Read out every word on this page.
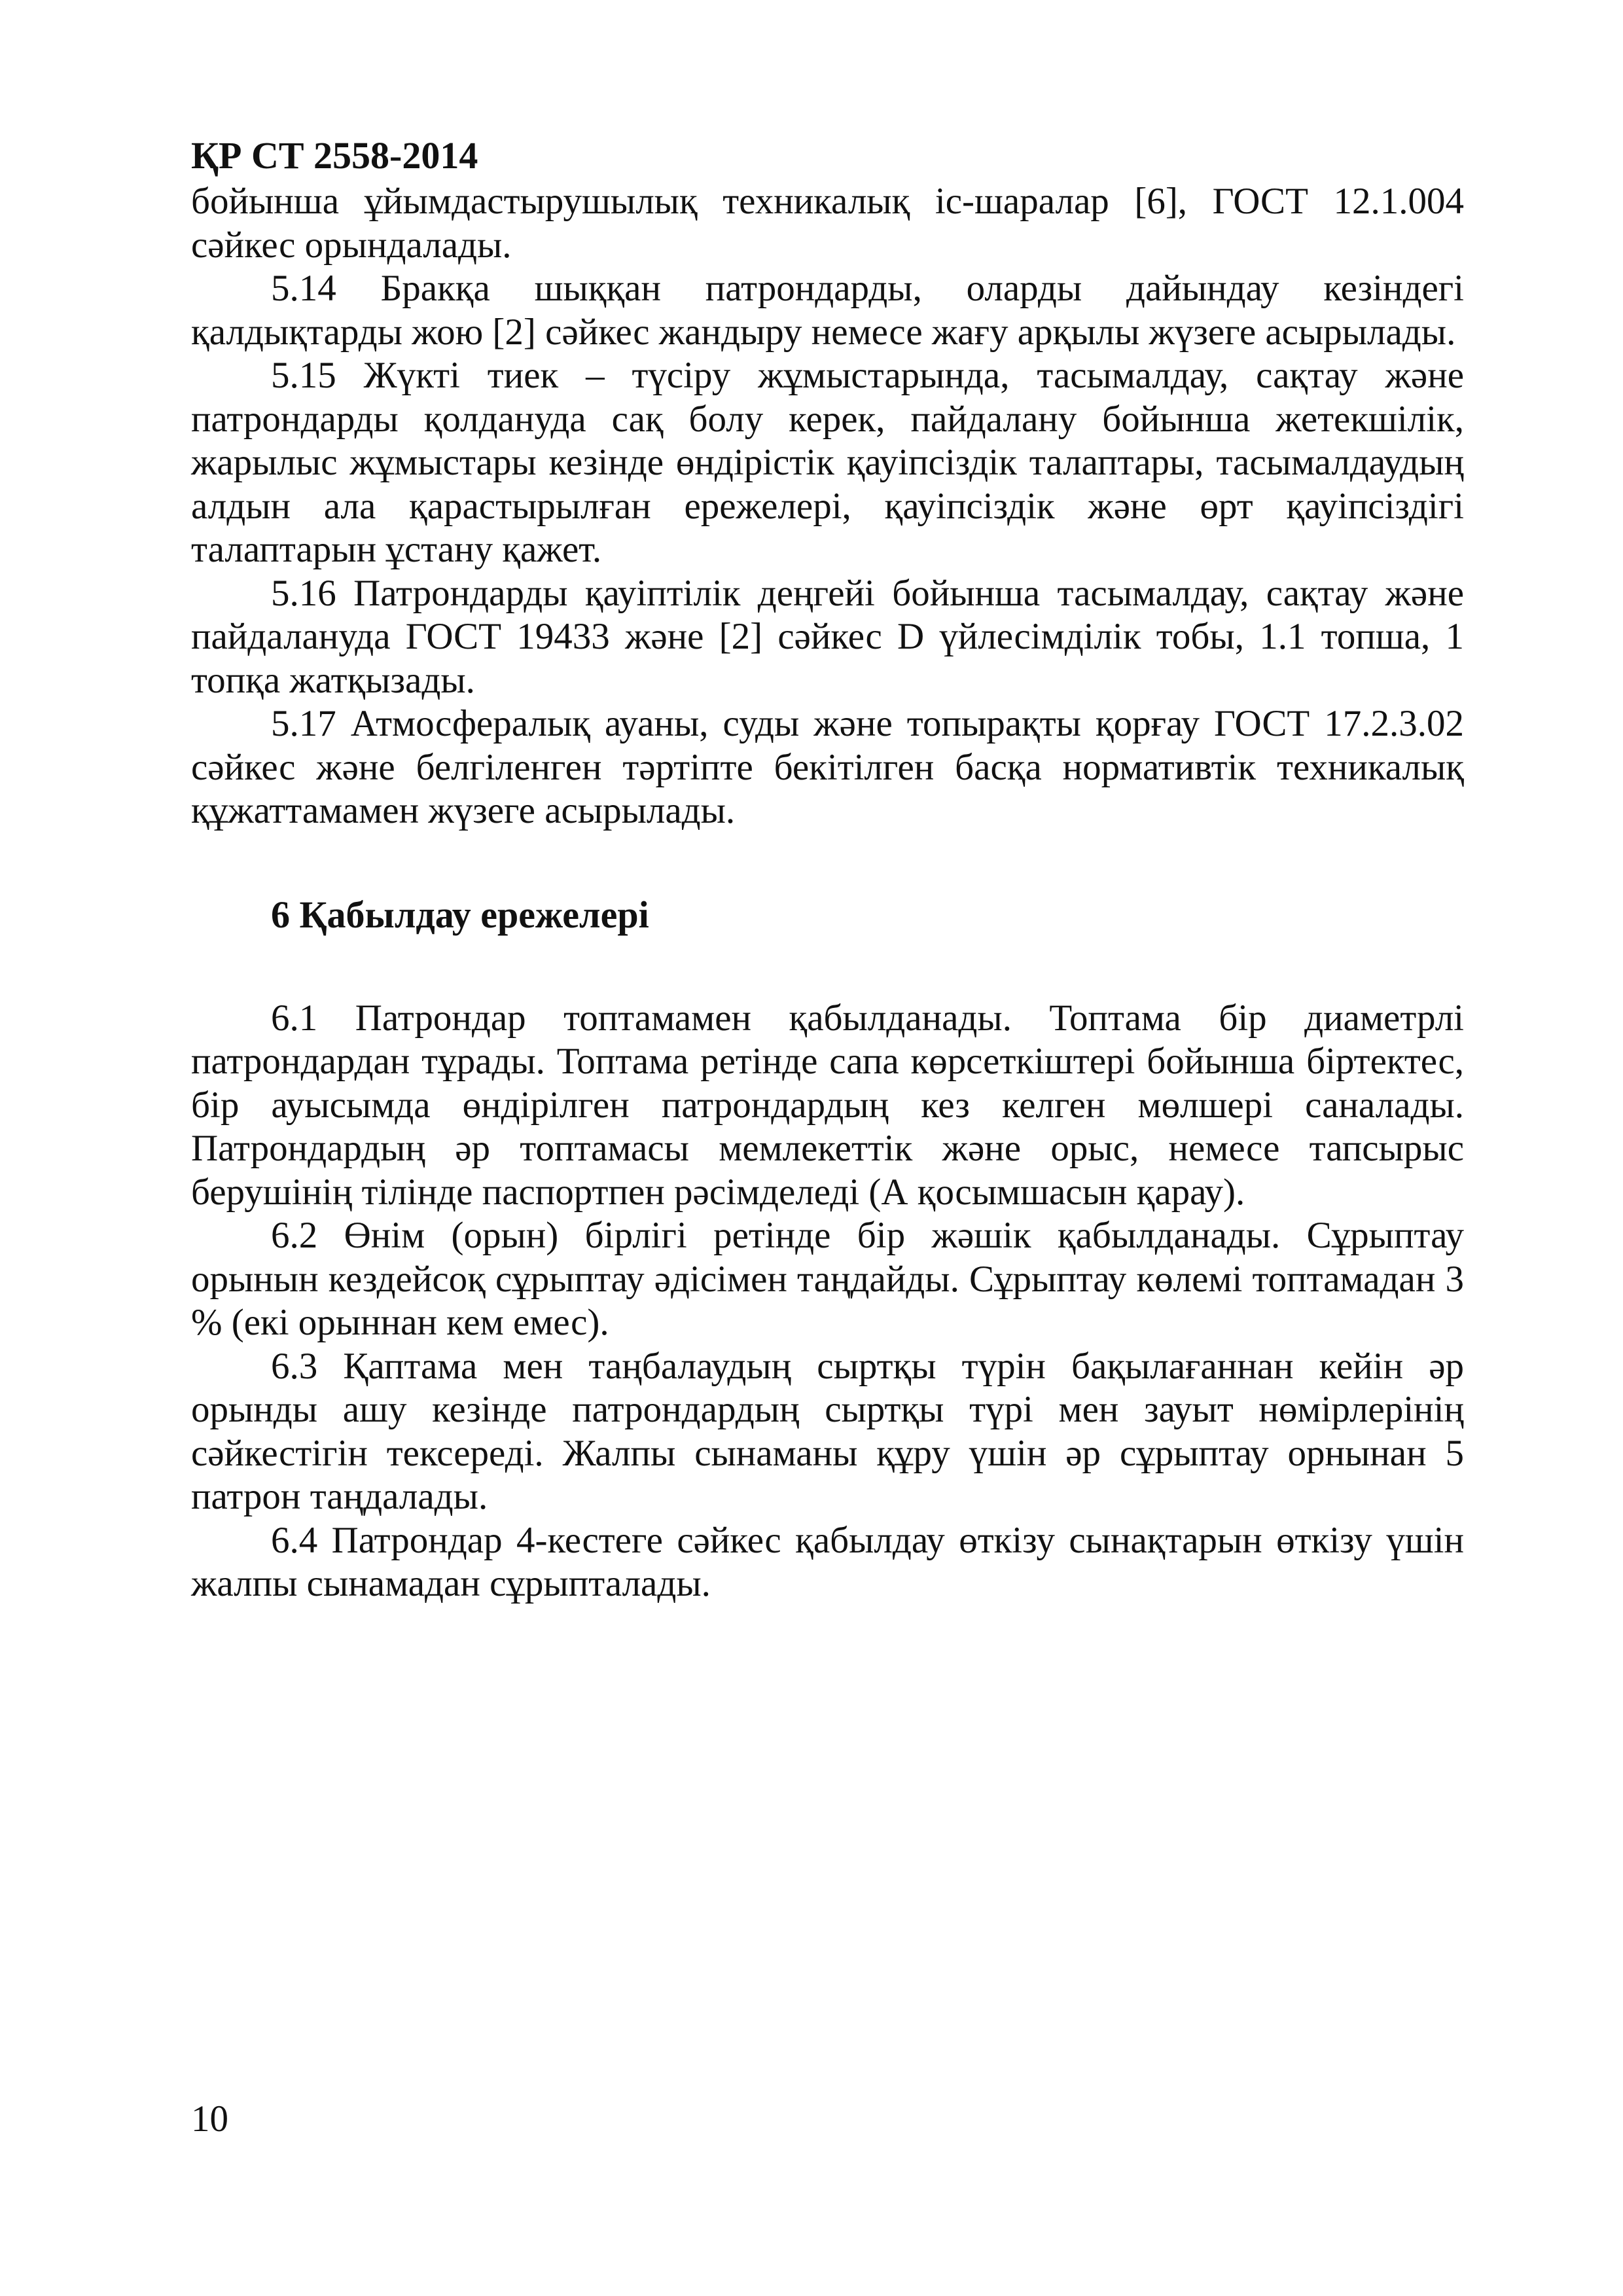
ҚР СТ 2558-2014

бойынша ұйымдастырушылық техникалық іс-шаралар [6], ГОСТ 12.1.004 сәйкес орындалады.

5.14 Бракқа шыққан патрондарды, оларды дайындау кезіндегі қалдықтарды жою [2] сәйкес жандыру немесе жағу арқылы жүзеге асырылады.

5.15 Жүкті тиек – түсіру жұмыстарында, тасымалдау, сақтау және патрондарды қолдануда сақ болу керек, пайдалану бойынша жетекшілік, жарылыс жұмыстары кезінде өндірістік қауіпсіздік талаптары, тасымалдаудың алдын ала қарастырылған ережелері, қауіпсіздік және өрт қауіпсіздігі талаптарын ұстану қажет.

5.16 Патрондарды қауіптілік деңгейі бойынша тасымалдау, сақтау және пайдалануда ГОСТ 19433 және [2] сәйкес D үйлесімділік тобы, 1.1 топша, 1 топқа жатқызады.

5.17 Атмосфералық ауаны, суды және топырақты қорғау ГОСТ 17.2.3.02 сәйкес және белгіленген тәртіпте бекітілген басқа нормативтік техникалық құжаттамамен жүзеге асырылады.

6 Қабылдау ережелері

6.1 Патрондар топтамамен қабылданады. Топтама бір диаметрлі патрондардан тұрады. Топтама ретінде сапа көрсеткіштері бойынша біртектес, бір ауысымда өндірілген патрондардың кез келген мөлшері саналады. Патрондардың әр топтамасы мемлекеттік және орыс, немесе тапсырыс берушінің тілінде паспортпен рәсімделеді (А қосымшасын қарау).

6.2 Өнім (орын) бірлігі ретінде бір жәшік қабылданады. Сұрыптау орынын кездейсоқ сұрыптау әдісімен таңдайды. Сұрыптау көлемі топтамадан 3 % (екі орыннан кем емес).

6.3 Қаптама мен таңбалаудың сыртқы түрін бақылағаннан кейін әр орынды ашу кезінде патрондардың сыртқы түрі мен зауыт нөмірлерінің сәйкестігін тексереді. Жалпы сынаманы құру үшін әр сұрыптау орнынан 5 патрон таңдалады.

6.4 Патрондар 4-кестеге сәйкес қабылдау өткізу сынақтарын өткізу үшін жалпы сынамадан сұрыпталады.

10
